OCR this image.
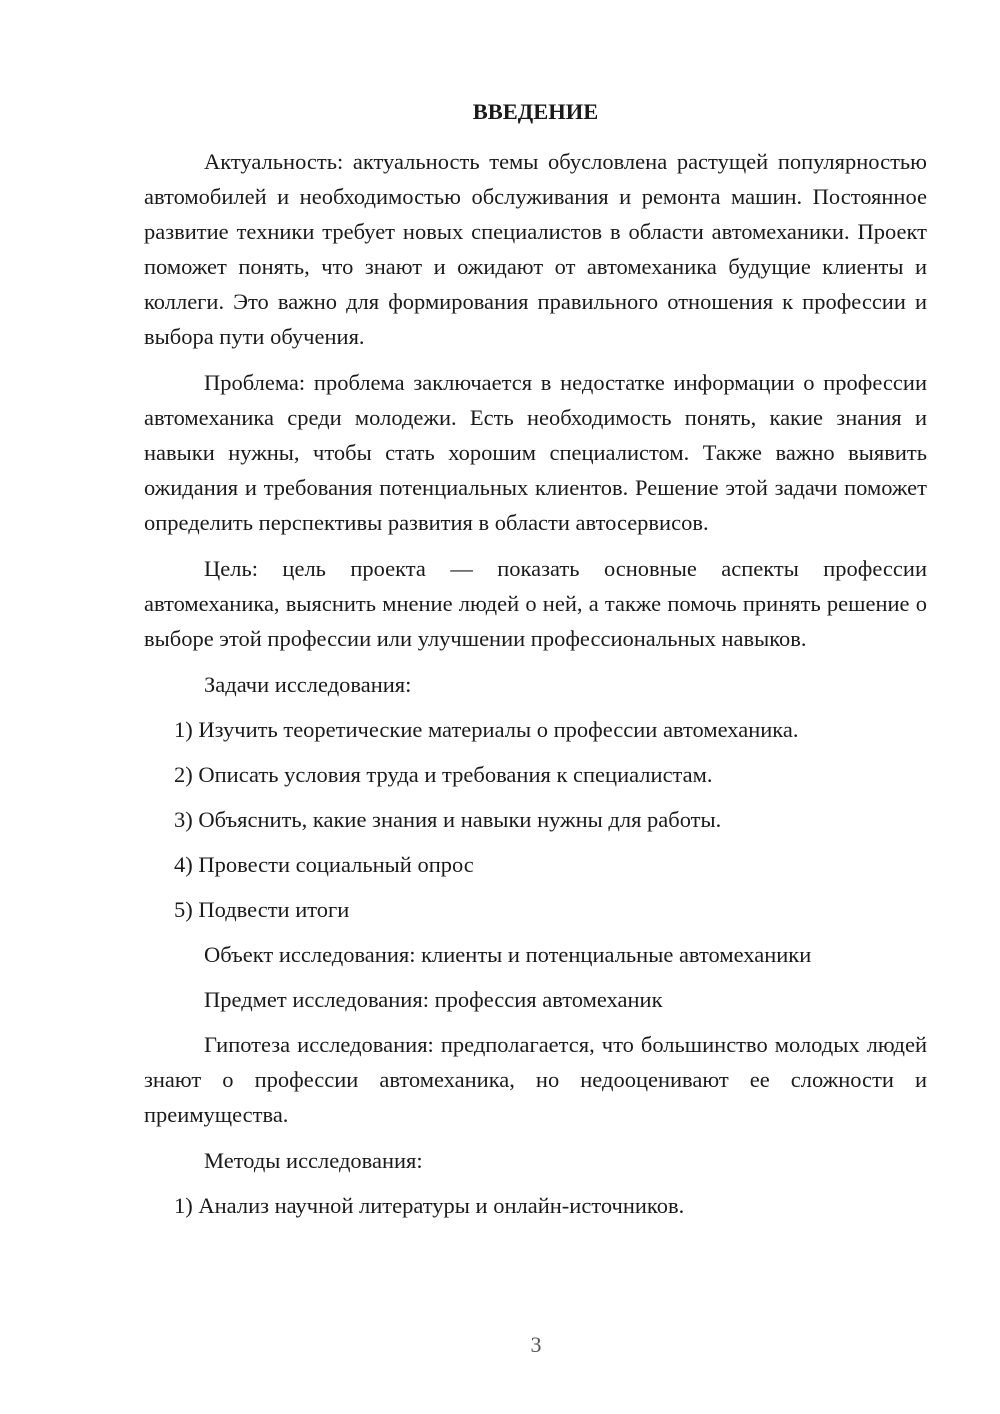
ВВЕДЕНИЕ

Актуальность: актуальность темы обусловлена растущей популярностью автомобилей и необходимостью обслуживания и ремонта машин. Постоянное развитие техники требует новых специалистов в области автомеханики. Проект поможет понять, что знают и ожидают от автомеханика будущие клиенты и коллеги. Это важно для формирования правильного отношения к профессии и выбора пути обучения.

Проблема: проблема заключается в недостатке информации о профессии автомеханика среди молодежи. Есть необходимость понять, какие знания и навыки нужны, чтобы стать хорошим специалистом. Также важно выявить ожидания и требования потенциальных клиентов. Решение этой задачи поможет определить перспективы развития в области автосервисов.

Цель: цель проекта — показать основные аспекты профессии автомеханика, выяснить мнение людей о ней, а также помочь принять решение о выборе этой профессии или улучшении профессиональных навыков.

Задачи исследования:

1) Изучить теоретические материалы о профессии автомеханика.

2) Описать условия труда и требования к специалистам.

3) Объяснить, какие знания и навыки нужны для работы.

4) Провести социальный опрос

5) Подвести итоги

Объект исследования: клиенты и потенциальные автомеханики

Предмет исследования: профессия автомеханик

Гипотеза исследования: предполагается, что большинство молодых людей знают о профессии автомеханика, но недооценивают ее сложности и преимущества.

Методы исследования:

1) Анализ научной литературы и онлайн-источников.

3
